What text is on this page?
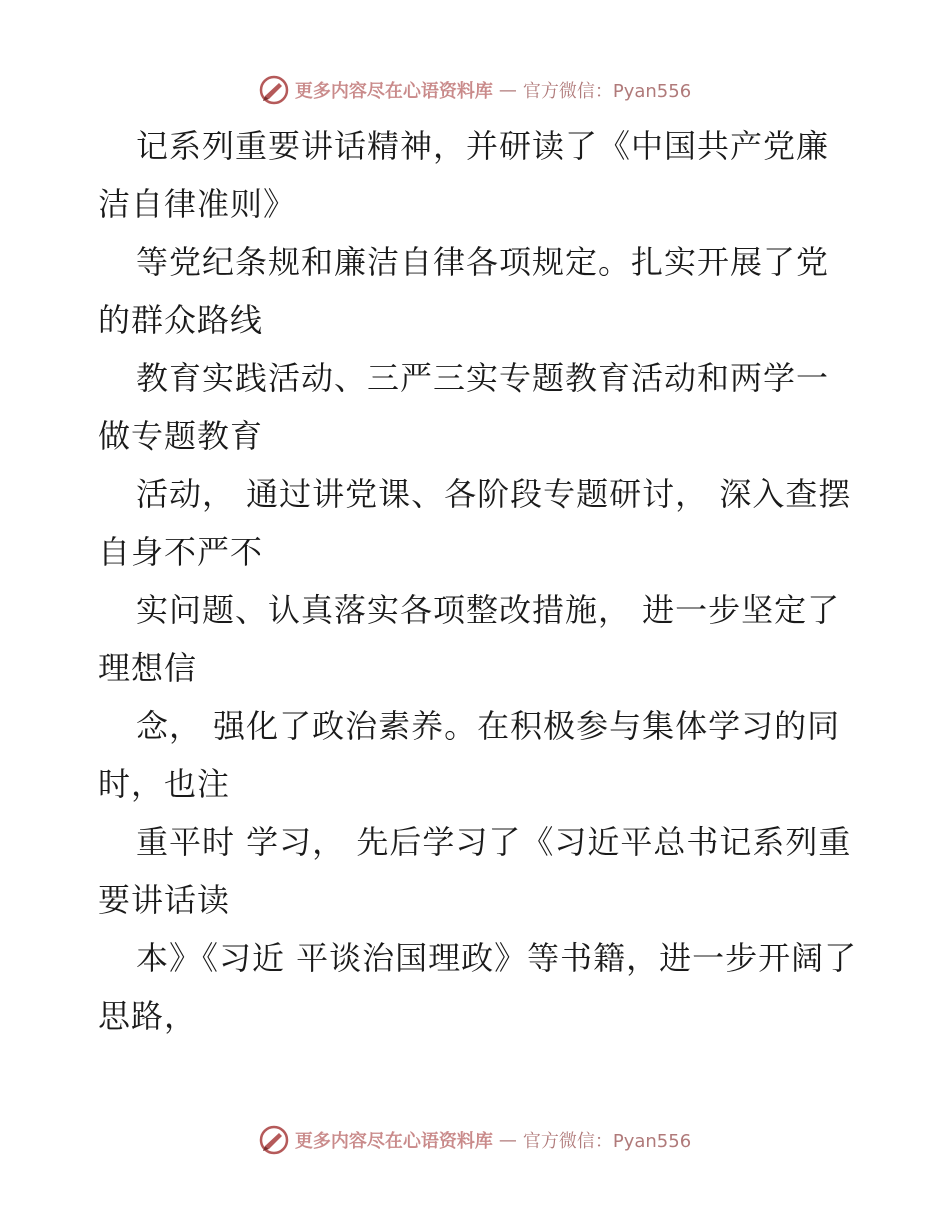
更多内容尽在心语资料库 — 官方微信：Pyan556

记系列重要讲话精神，并研读了《中国共产党廉洁自律准则》

等党纪条规和廉洁自律各项规定。扎实开展了党的群众路线

教育实践活动、三严三实专题教育活动和两学一做专题教育

活动， 通过讲党课、各阶段专题研讨， 深入查摆自身不严不

实问题、认真落实各项整改措施， 进一步坚定了理想信

念， 强化了政治素养。在积极参与集体学习的同时，也注

重平时 学习， 先后学习了《习近平总书记系列重要讲话读

本》《习近 平谈治国理政》等书籍，进一步开阔了思路，

更多内容尽在心语资料库 — 官方微信：Pyan556
